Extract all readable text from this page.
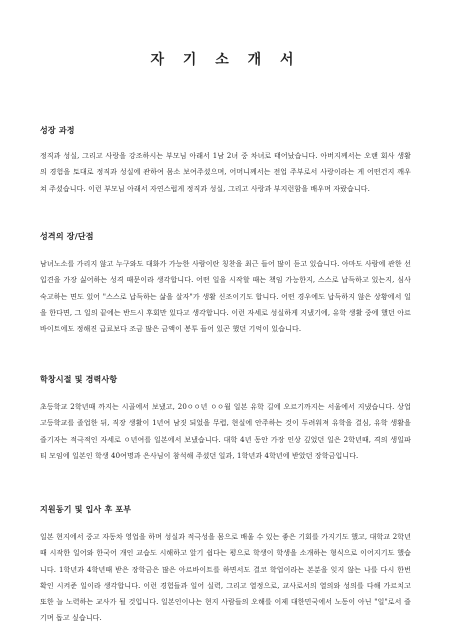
자 기 소 개 서
성장 과정

정직과 성실, 그리고 사랑을 강조하시는 부모님 아래서 1남 2녀 중 차녀로 태어났습니다. 아버지께서는 오랜 회사 생활의 경험을 토대로 정직과 성실에 관하여 몸소 보여주셨으며, 어머니께서는 전업 주부로서 사랑이라는 게 어떤건지 깨우쳐 주셨습니다. 이런 부모님 아래서 자연스럽게 정직과 성실, 그리고 사랑과 부지런함을 배우며 자랐습니다.

성격의 장/단점

남녀노소를 가리지 않고 누구와도 대화가 가능한 사람이란 칭찬을 최근 들어 많이 듣고 있습니다. 아마도 사람에 관한 선입견을 가장 싫어하는 성격 때문이라 생각합니다. 어떤 일을 시작할 때는 책임 가능한지, 스스로 납득하고 있는지, 심사 숙고하는 면도 있어 "스스로 납득하는 삶을 살자"가 생활 신조이기도 합니다. 어떤 경우에도 납득하지 않은 상황에서 일을 한다면, 그 일의 끝에는 반드시 후회만 있다고 생각합니다. 이런 자세로 성실하게 지냈기에, 유학 생활 중에 했던 아르바이트에도 정해진 급료보다 조금 많은 금액이 봉투 들어 있곤 했던 기억이 있습니다.

학창시절 및 경력사항

초등학교 2학년때 까지는 시골에서 보냈고, 20ㅇㅇ년 ㅇㅇ월 일본 유학 길에 오르기까지는 서울에서 지냈습니다. 상업 고등학교를 졸업한 뒤, 직장 생활이 1년여 남짓 되었을 무렵, 현실에 안주하는 것이 두려워져 유학을 결심, 유학 생활을 즐기자는 적극적인 자세로 ㅇ년여를 일본에서 보냈습니다. 대학 4년 동안 가장 인상 깊었던 일은 2학년때, 격의 생일파티 모임에 일본인 학생 40여명과 은사님이 참석해 주셨던 일과, 1학년과 4학년에 받았던 장학금입니다.

지원동기 및 입사 후 포부

일본 현지에서 중고 자동차 영업을 하며 성실과 적극성을 몸으로 배울 수 있는 좋은 기회를 가지기도 했고, 대학교 2학년때 시작한 일어와 한국어 개인 교습도 시해하고 앞기 쉽다는 평으로 학생이 학생을 소개하는 형식으로 이어지기도 했습니다. 1학년과 4학년때 받은 장학금은 많은 아르바이트를 하면서도 결코 학업이라는 본분을 잊지 않는 나를 다시 한번 확인 시켜준 일이라 생각합니다. 이런 경험들과 일어 실력, 그리고 열정으로, 교사로서의 열의와 성의를 다해 가르치고 또한 늘 노력하는 교사가 될 것입니다. 일본인이나는 현지 사람들의 오해를 이제 대한민국에서 노동이 아닌 "일"로서 즐기며 돕고 싶습니다.
